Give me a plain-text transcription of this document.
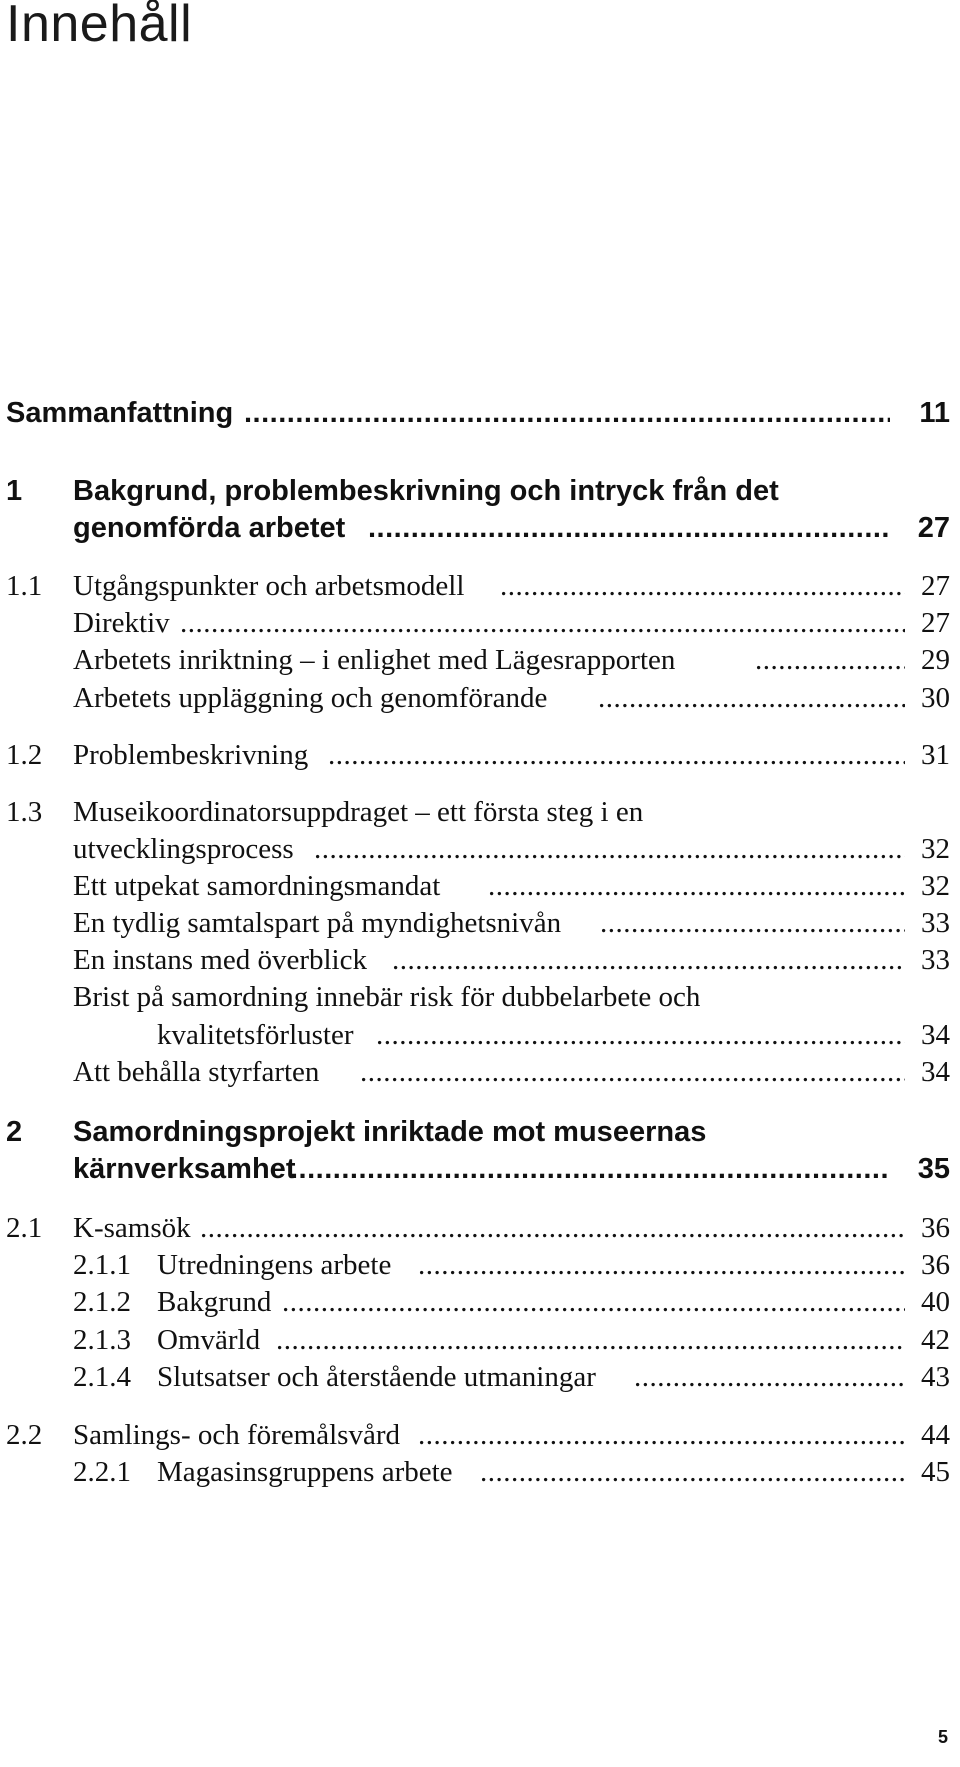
Innehåll
Sammanfattning .....	11
1 Bakgrund, problembeskrivning och intryck från det
genomförda arbetet .....	27
1.1 Utgångspunkter och arbetsmodell .....	27
Direktiv .....	27
Arbetets inriktning – i enlighet med Lägesrapporten .....	29
Arbetets uppläggning och genomförande .....	30
1.2 Problembeskrivning .....	31
1.3 Museikoordinatorsuppdraget – ett första steg i en
utvecklingsprocess .....	32
Ett utpekat samordningsmandat .....	32
En tydlig samtalspart på myndighetsnivån .....	33
En instans med överblick .....	33
Brist på samordning innebär risk för dubbelarbete och
kvalitetsförluster .....	34
Att behålla styrfarten .....	34
2 Samordningsprojekt inriktade mot museernas
kärnverksamhet .....	35
2.1 K-samsök .....	36
2.1.1 Utredningens arbete .....	36
2.1.2 Bakgrund .....	40
2.1.3 Omvärld .....	42
2.1.4 Slutsatser och återstående utmaningar .....	43
2.2 Samlings- och föremålsvård .....	44
2.2.1 Magasinsgruppens arbete .....	45
5
